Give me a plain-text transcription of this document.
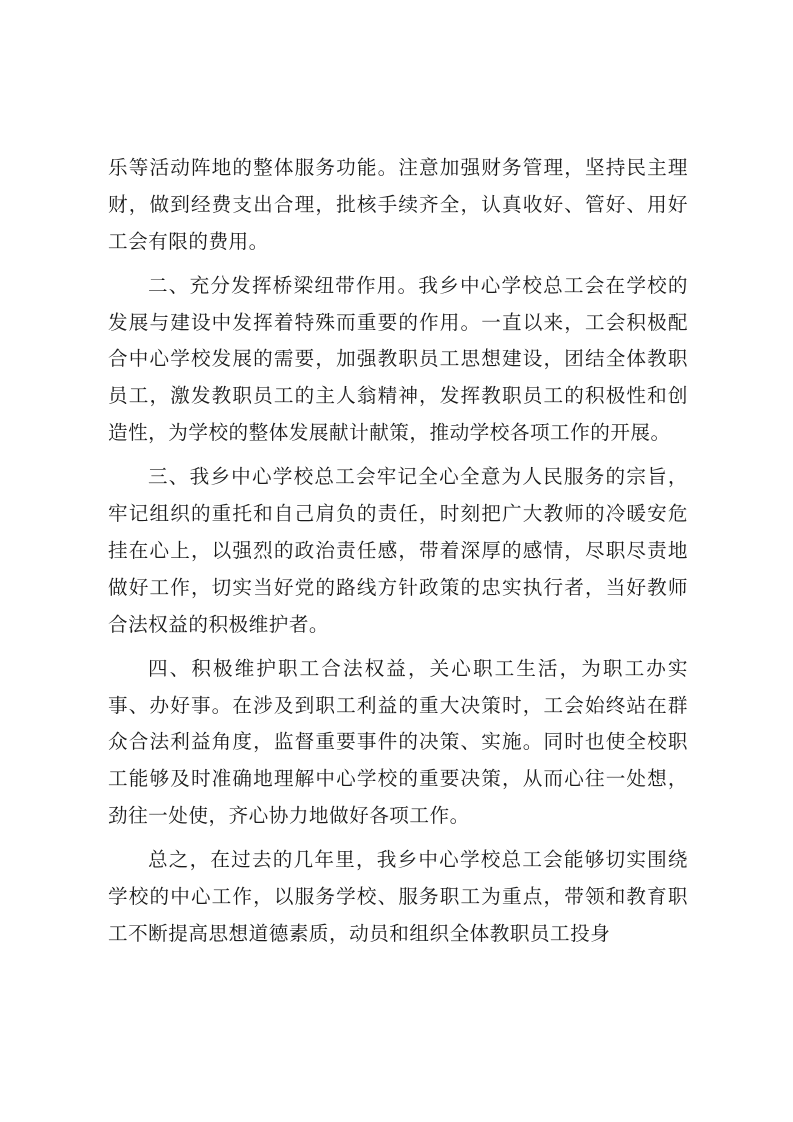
乐等活动阵地的整体服务功能。注意加强财务管理，坚持民主理财，做到经费支出合理，批核手续齐全，认真收好、管好、用好工会有限的费用。

二、充分发挥桥梁纽带作用。我乡中心学校总工会在学校的发展与建设中发挥着特殊而重要的作用。一直以来，工会积极配合中心学校发展的需要，加强教职员工思想建设，团结全体教职员工，激发教职员工的主人翁精神，发挥教职员工的积极性和创造性，为学校的整体发展献计献策，推动学校各项工作的开展。

三、我乡中心学校总工会牢记全心全意为人民服务的宗旨，牢记组织的重托和自己肩负的责任，时刻把广大教师的冷暖安危挂在心上，以强烈的政治责任感，带着深厚的感情，尽职尽责地做好工作，切实当好党的路线方针政策的忠实执行者，当好教师合法权益的积极维护者。

四、积极维护职工合法权益，关心职工生活，为职工办实事、办好事。在涉及到职工利益的重大决策时，工会始终站在群众合法利益角度，监督重要事件的决策、实施。同时也使全校职工能够及时准确地理解中心学校的重要决策，从而心往一处想，劲往一处使，齐心协力地做好各项工作。

总之，在过去的几年里，我乡中心学校总工会能够切实围绕学校的中心工作，以服务学校、服务职工为重点，带领和教育职工不断提高思想道德素质，动员和组织全体教职员工投身
